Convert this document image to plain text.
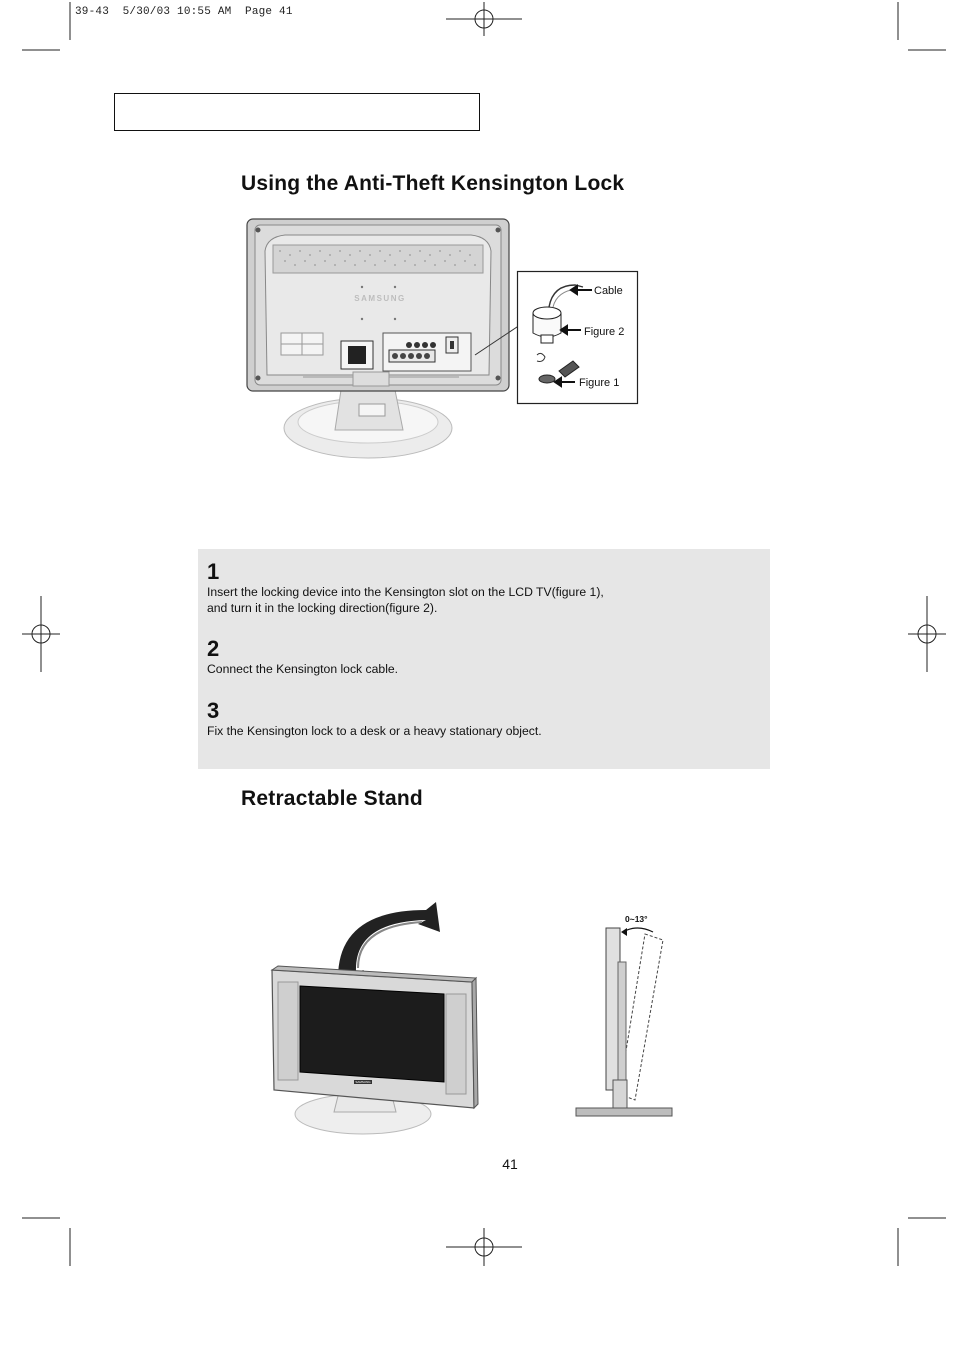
39-43  5/30/03 10:55 AM  Page 41
Using the Anti-Theft Kensington Lock
SAMSUNG
Cable
Figure 2
Figure 1
1
Insert the locking device into the Kensington slot on the LCD TV(figure 1),
and turn it in the locking direction(figure 2).
2
Connect the Kensington lock cable.
3
Fix the Kensington lock to a desk or a heavy stationary object.
Retractable Stand
SAMSUNG
0~13°
41
